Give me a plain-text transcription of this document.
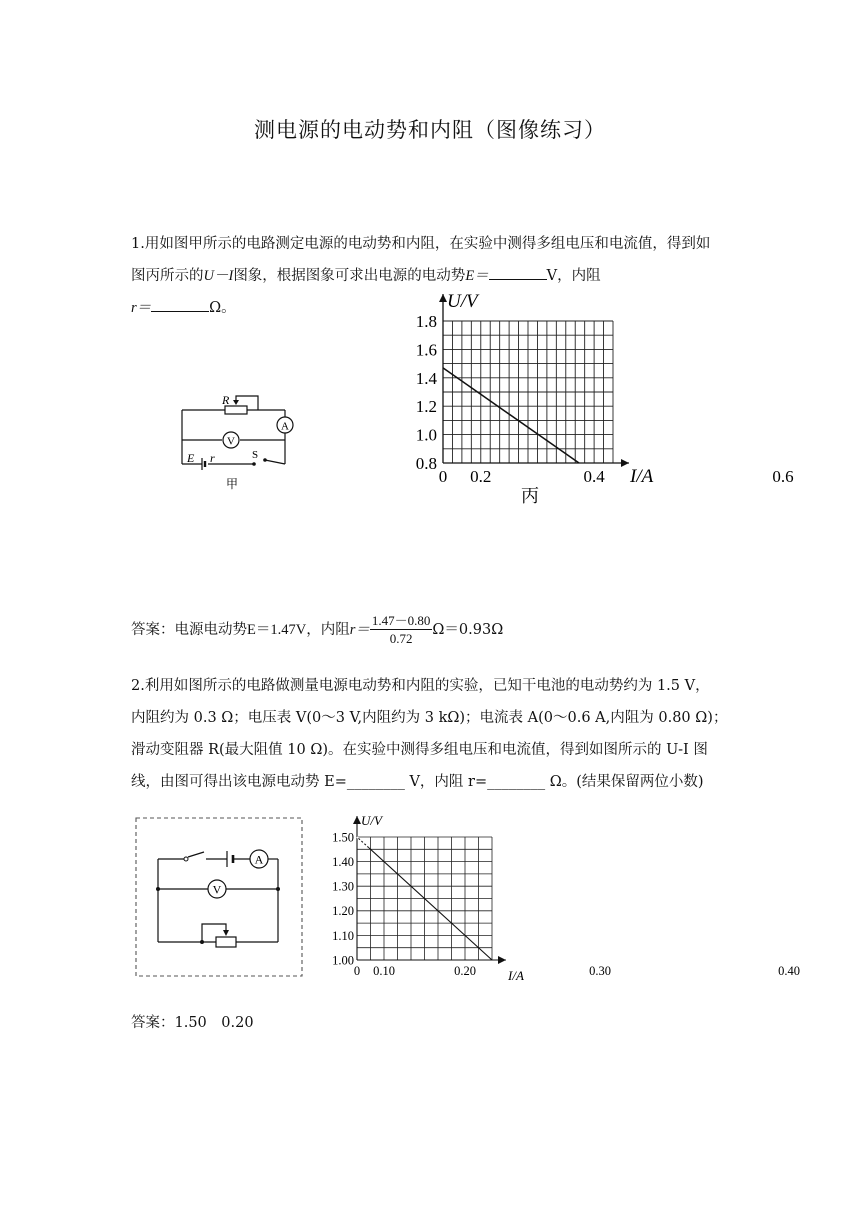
测电源的电动势和内阻（图像练习）
1.用如图甲所示的电路测定电源的电动势和内阻，在实验中测得多组电压和电流值，得到如
图丙所示的U－I图象，根据图象可求出电源的电动势E＝	V，内阻
r＝	Ω。
V
A
R
E r	S
甲
U/V
I/A
1.8
1.6
1.4
1.2
1.0
0.8
0 0.2	0.4	0.6
丙
答案：电源电动势 E＝1.47V，内阻 $r= \frac{1.47-0.80}{0.72} \Omega=0.93\Omega$
2.利用如图所示的电路做测量电源电动势和内阻的实验，已知干电池的电动势约为 1.5 V，
内阻约为 0.3 Ω；电压表 V(0～3 V,内阻约为 3 kΩ)；电流表 A(0～0.6 A,内阻为 0.80 Ω)；
滑动变阻器 R(最大阻值 10 Ω)。在实验中测得多组电压和电流值，得到如图所示的 U-I 图
线，由图可得出该电源电动势 E=________ V，内阻 r=________ Ω。(结果保留两位小数)
A
V
U/V
I/A
1.50
1.40
1.30
1.20
1.10
1.00
0 0.10	0.20	0.30	0.40
答案：1.50　0.20
